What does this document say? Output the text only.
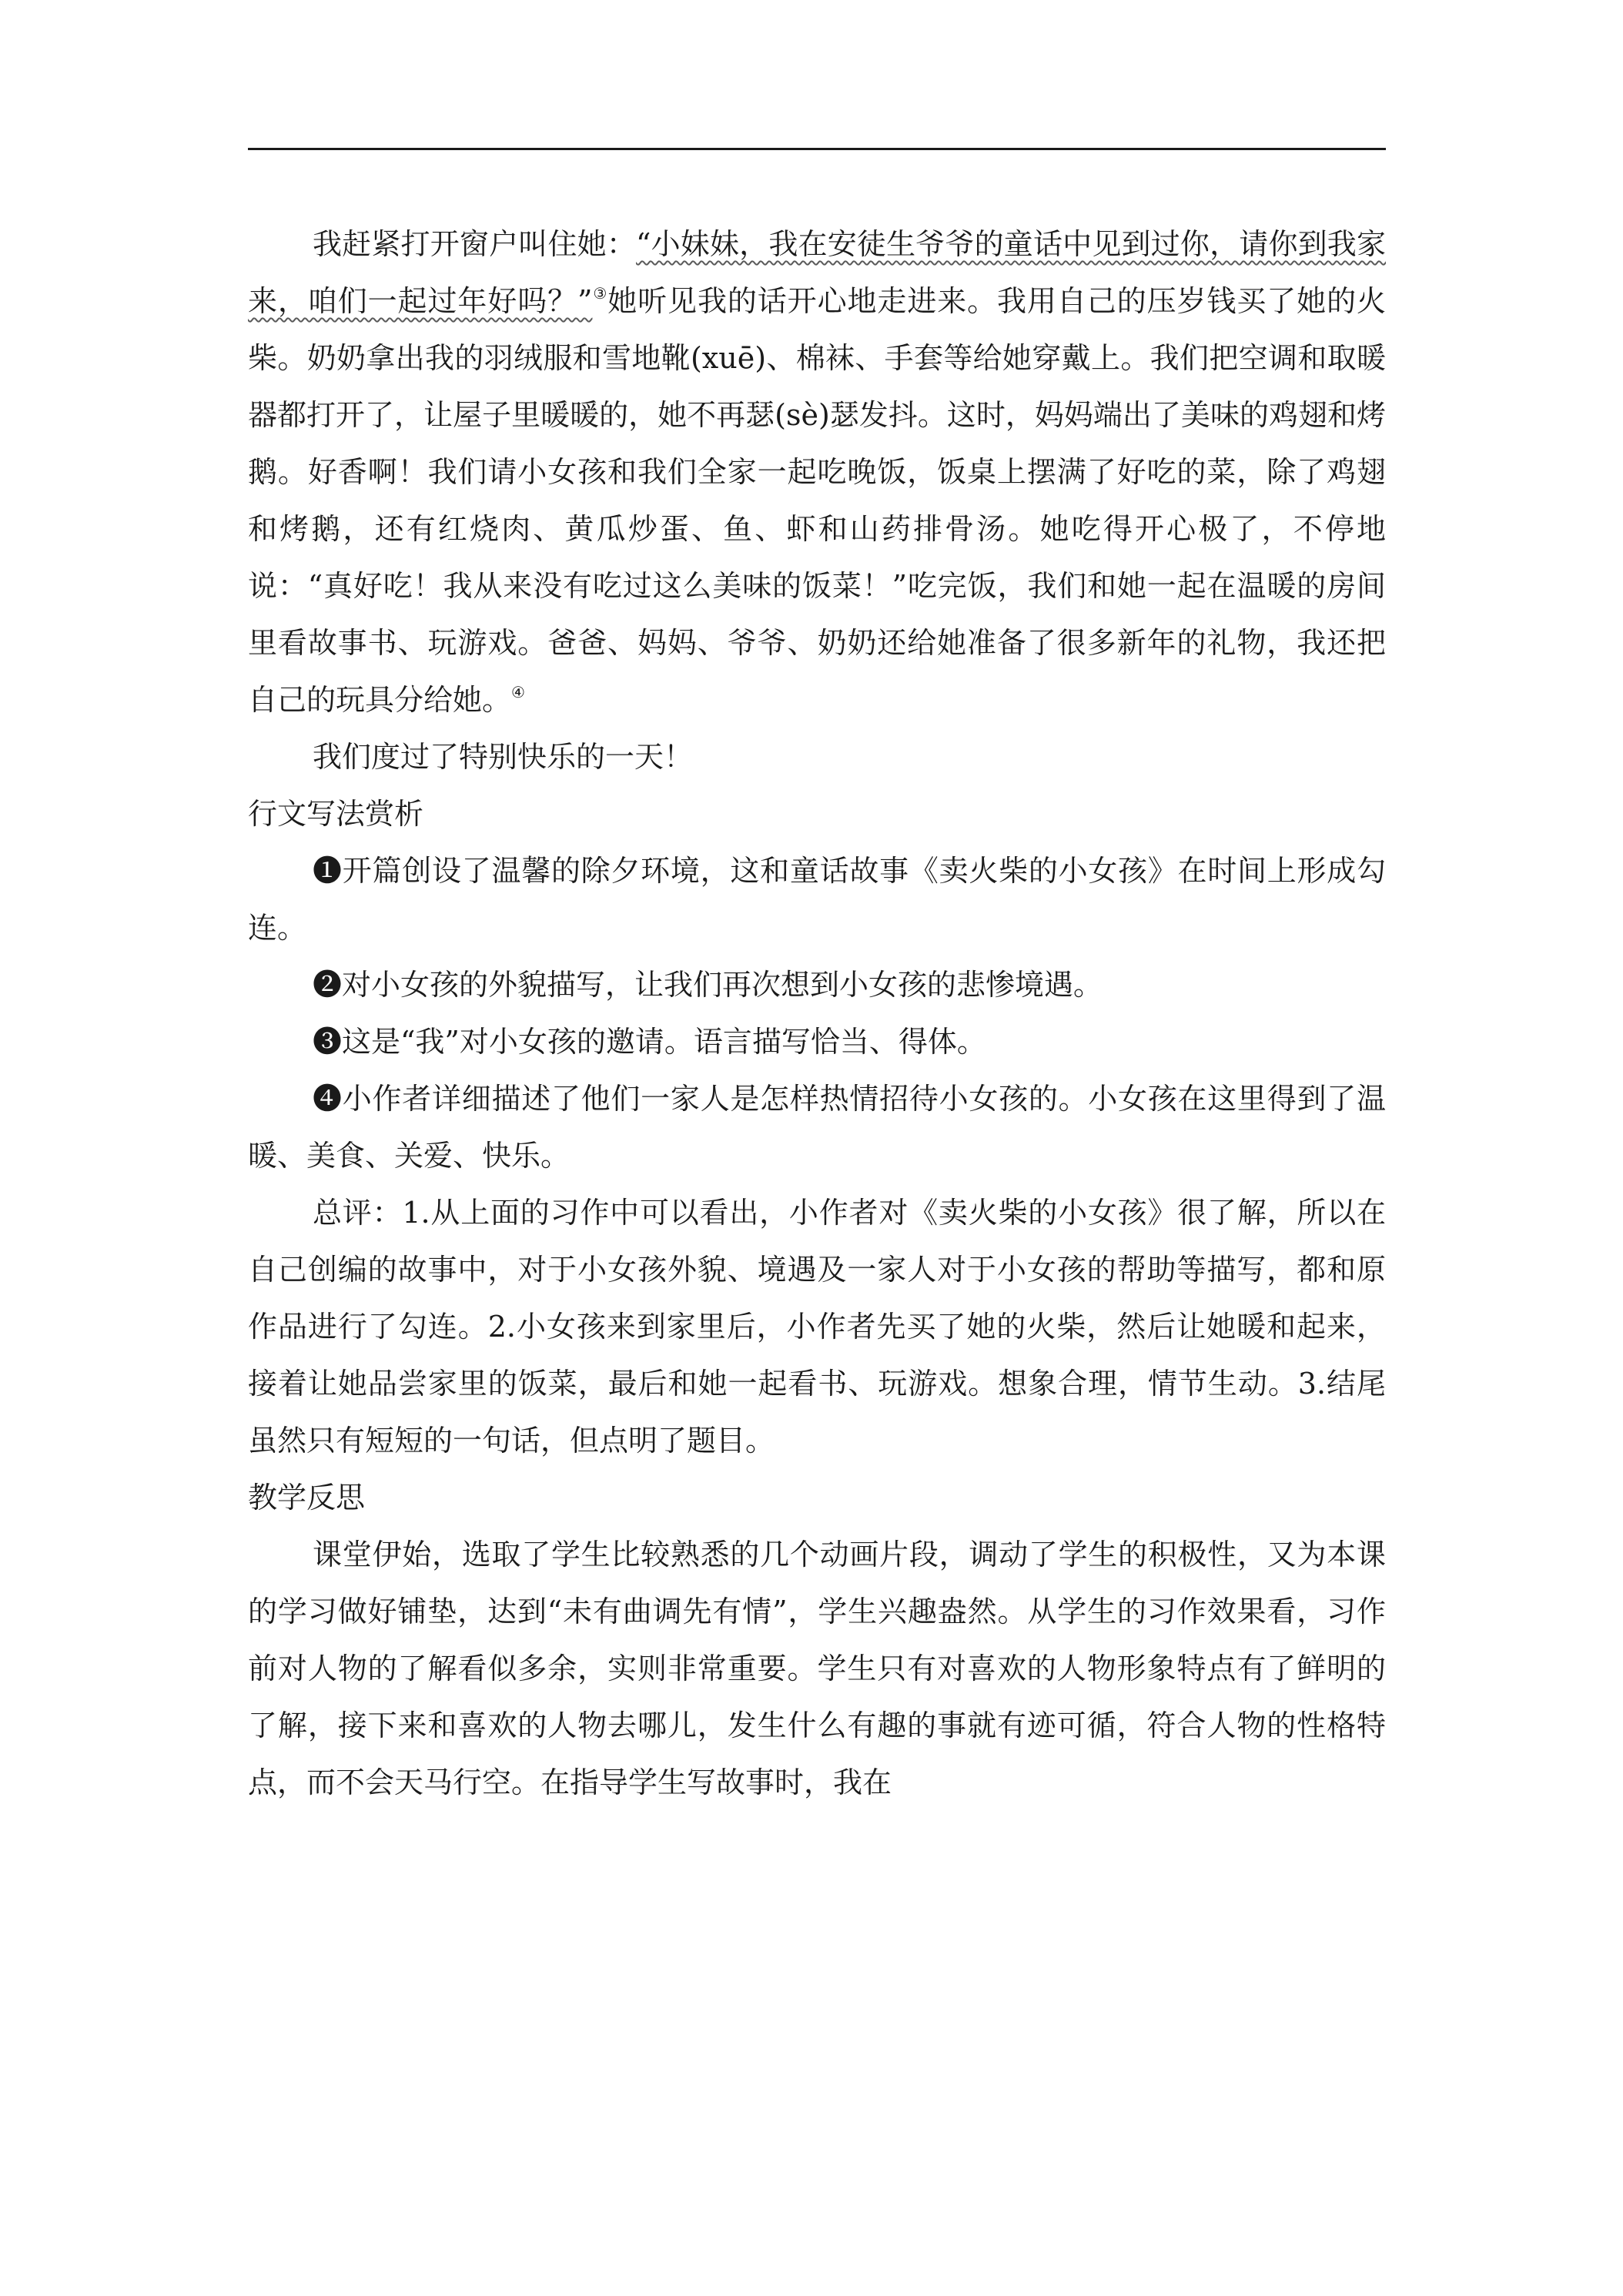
我赶紧打开窗户叫住她：“小妹妹，我在安徒生爷爷的童话中见到过你，请你到我家来，咱们一起过年好吗？”③她听见我的话开心地走进来。我用自己的压岁钱买了她的火柴。奶奶拿出我的羽绒服和雪地靴(xuē)、棉袜、手套等给她穿戴上。我们把空调和取暖器都打开了，让屋子里暖暖的，她不再瑟(sè)瑟发抖。这时，妈妈端出了美味的鸡翅和烤鹅。好香啊！我们请小女孩和我们全家一起吃晚饭，饭桌上摆满了好吃的菜，除了鸡翅和烤鹅，还有红烧肉、黄瓜炒蛋、鱼、虾和山药排骨汤。她吃得开心极了，不停地说：“真好吃！我从来没有吃过这么美味的饭菜！”吃完饭，我们和她一起在温暖的房间里看故事书、玩游戏。爸爸、妈妈、爷爷、奶奶还给她准备了很多新年的礼物，我还把自己的玩具分给她。④

我们度过了特别快乐的一天！

行文写法赏析

❶开篇创设了温馨的除夕环境，这和童话故事《卖火柴的小女孩》在时间上形成勾连。

❷对小女孩的外貌描写，让我们再次想到小女孩的悲惨境遇。

❸这是“我”对小女孩的邀请。语言描写恰当、得体。

❹小作者详细描述了他们一家人是怎样热情招待小女孩的。小女孩在这里得到了温暖、美食、关爱、快乐。

总评：1.从上面的习作中可以看出，小作者对《卖火柴的小女孩》很了解，所以在自己创编的故事中，对于小女孩外貌、境遇及一家人对于小女孩的帮助等描写，都和原作品进行了勾连。2.小女孩来到家里后，小作者先买了她的火柴，然后让她暖和起来，接着让她品尝家里的饭菜，最后和她一起看书、玩游戏。想象合理，情节生动。3.结尾虽然只有短短的一句话，但点明了题目。

教学反思

课堂伊始，选取了学生比较熟悉的几个动画片段，调动了学生的积极性，又为本课的学习做好铺垫，达到“未有曲调先有情”，学生兴趣盎然。从学生的习作效果看，习作前对人物的了解看似多余，实则非常重要。学生只有对喜欢的人物形象特点有了鲜明的了解，接下来和喜欢的人物去哪儿，发生什么有趣的事就有迹可循，符合人物的性格特点，而不会天马行空。在指导学生写故事时，我在
